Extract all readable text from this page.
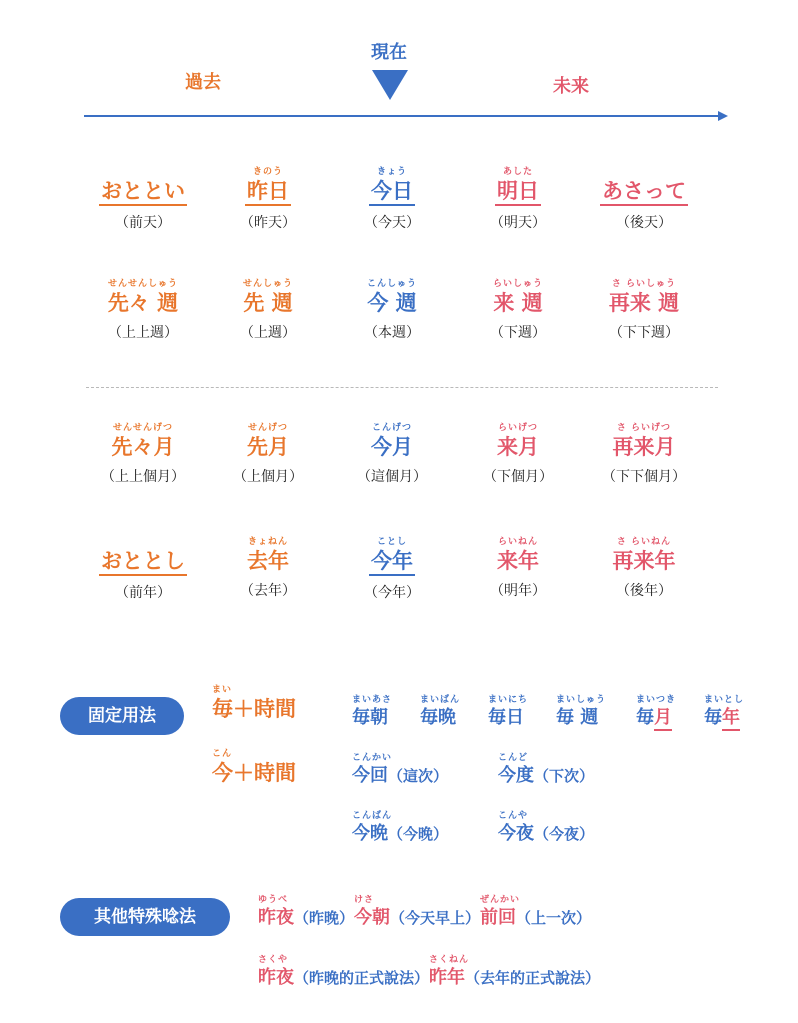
現在
過去	未来
おととい
（前天）
きのう
昨日
（昨天）
きょう
今日
（今天）
あした
明日
（明天）
あさって
（後天）
せんせんしゅう
先々 週
（上上週）
せんしゅう
先 週
（上週）
こんしゅう
今 週
（本週）
らいしゅう
来 週
（下週）
さ らいしゅう
再来 週
（下下週）
せんせんげつ
先々月
（上上個月）
せんげつ
先月
（上個月）
こんげつ
今月
（這個月）
らいげつ
来月
（下個月）
さ らいげつ
再来月
（下下個月）
おととし
（前年）
きょねん
去年
（去年）
ことし
今年
（今年）
らいねん
来年
（明年）
さ らいねん
再来年
（後年）
固定用法
まい
毎＋時間
こん
今＋時間
まいあさ
毎朝
まいばん
毎晩
まいにち
毎日
まいしゅう
毎 週
まいつき
毎月
まいとし
毎年
こんかい
今回（這次）
こんど
今度（下次）
こんばん
今晩（今晚）
こんや
今夜（今夜）
其他特殊唸法
ゆうべ
昨夜（昨晚）
けさ
今朝（今天早上）
ぜんかい
前回（上一次）
さくや
昨夜（昨晚的正式說法）
さくねん
昨年（去年的正式說法）
